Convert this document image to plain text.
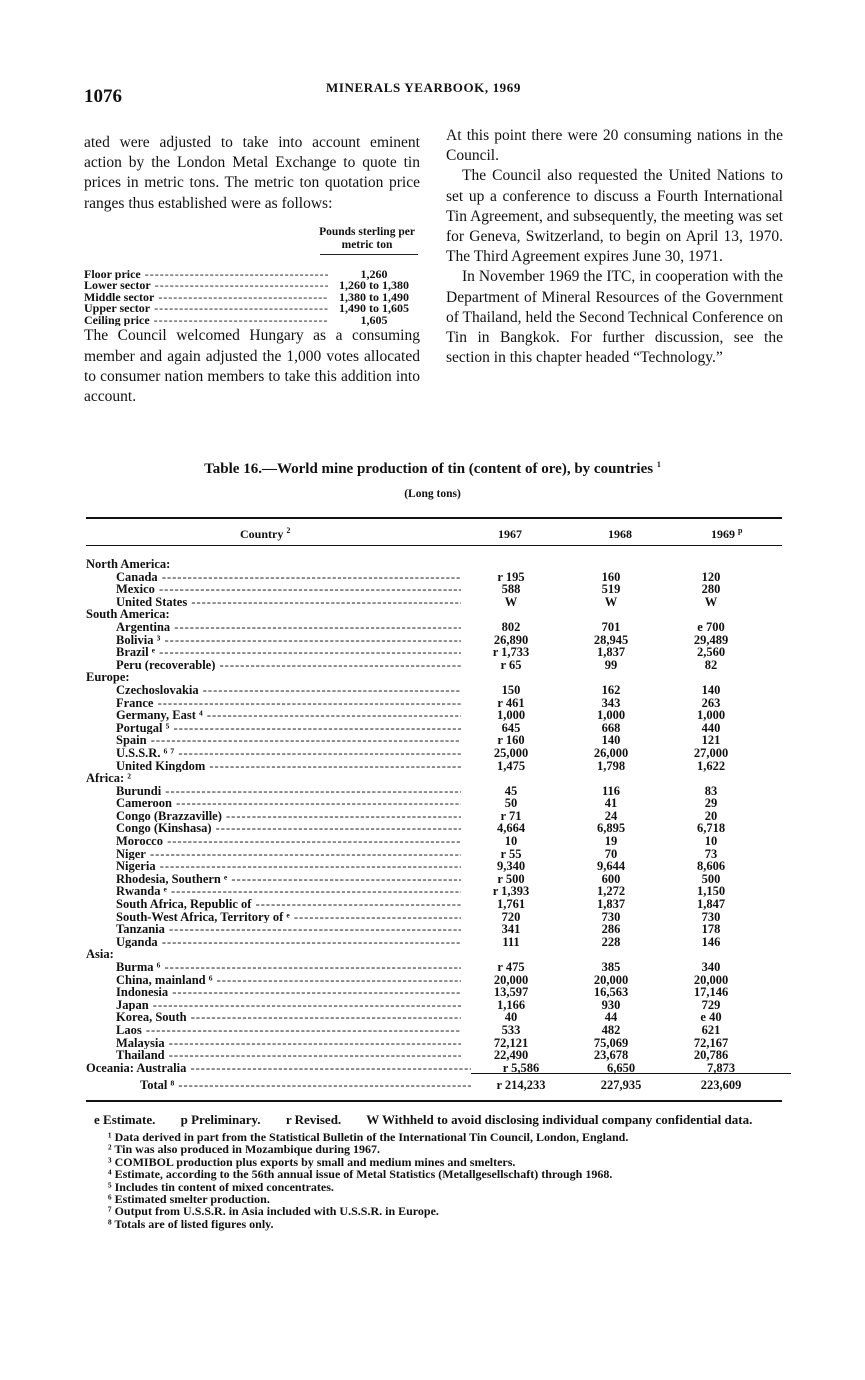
1076	MINERALS YEARBOOK, 1969

ated were adjusted to take into account eminent action by the London Metal Exchange to quote tin prices in metric tons. The metric ton quotation price ranges thus established were as follows:

Pounds sterling per metric ton
Floor price -----	1,260
Lower sector -----	1,260 to 1,380
Middle sector -----	1,380 to 1,490
Upper sector -----	1,490 to 1,605
Ceiling price -----	1,605

The Council welcomed Hungary as a consuming member and again adjusted the 1,000 votes allocated to consumer nation members to take this addition into account.

At this point there were 20 consuming nations in the Council.

The Council also requested the United Nations to set up a conference to discuss a Fourth International Tin Agreement, and subsequently, the meeting was set for Geneva, Switzerland, to begin on April 13, 1970. The Third Agreement expires June 30, 1971.

In November 1969 the ITC, in cooperation with the Department of Mineral Resources of the Government of Thailand, held the Second Technical Conference on Tin in Bangkok. For further discussion, see the section in this chapter headed “Technology.”

Table 16.—World mine production of tin (content of ore), by countries $^1$
(Long tons)
Country $^2$	1967	1968	1969 $^p$
North America:
Canada -----	r 195	160	120
Mexico -----	588	519	280
United States -----	W	W	W
South America:
Argentina -----	802	701	e 700
Bolivia ³ -----	26,890	28,945	29,489
Brazil ᵉ -----	r 1,733	1,837	2,560
Peru (recoverable) -----	r 65	99	82
Europe:
Czechoslovakia -----	150	162	140
France -----	r 461	343	263
Germany, East ⁴ -----	1,000	1,000	1,000
Portugal ⁵ -----	645	668	440
Spain -----	r 160	140	121
U.S.S.R. ⁶ ⁷ -----	25,000	26,000	27,000
United Kingdom -----	1,475	1,798	1,622
Africa: ²
Burundi -----	45	116	83
Cameroon -----	50	41	29
Congo (Brazzaville) -----	r 71	24	20
Congo (Kinshasa) -----	4,664	6,895	6,718
Morocco -----	10	19	10
Niger -----	r 55	70	73
Nigeria -----	9,340	9,644	8,606
Rhodesia, Southern ᵉ -----	r 500	600	500
Rwanda ᵉ -----	r 1,393	1,272	1,150
South Africa, Republic of -----	1,761	1,837	1,847
South-West Africa, Territory of ᵉ -----	720	730	730
Tanzania -----	341	286	178
Uganda -----	111	228	146
Asia:
Burma ⁶ -----	r 475	385	340
China, mainland ⁶ -----	20,000	20,000	20,000
Indonesia -----	13,597	16,563	17,146
Japan -----	1,166	930	729
Korea, South -----	40	44	e 40
Laos -----	533	482	621
Malaysia -----	72,121	75,069	72,167
Thailand -----	22,490	23,678	20,786
Oceania: Australia -----	r 5,586	6,650	7,873
Total ⁸ -----	r 214,233	227,935	223,609
e Estimate. p Preliminary. r Revised. W Withheld to avoid disclosing individual company confidential data.
¹ Data derived in part from the Statistical Bulletin of the International Tin Council, London, England.
² Tin was also produced in Mozambique during 1967.
³ COMIBOL production plus exports by small and medium mines and smelters.
⁴ Estimate, according to the 56th annual issue of Metal Statistics (Metallgesellschaft) through 1968.
⁵ Includes tin content of mixed concentrates.
⁶ Estimated smelter production.
⁷ Output from U.S.S.R. in Asia included with U.S.S.R. in Europe.
⁸ Totals are of listed figures only.
